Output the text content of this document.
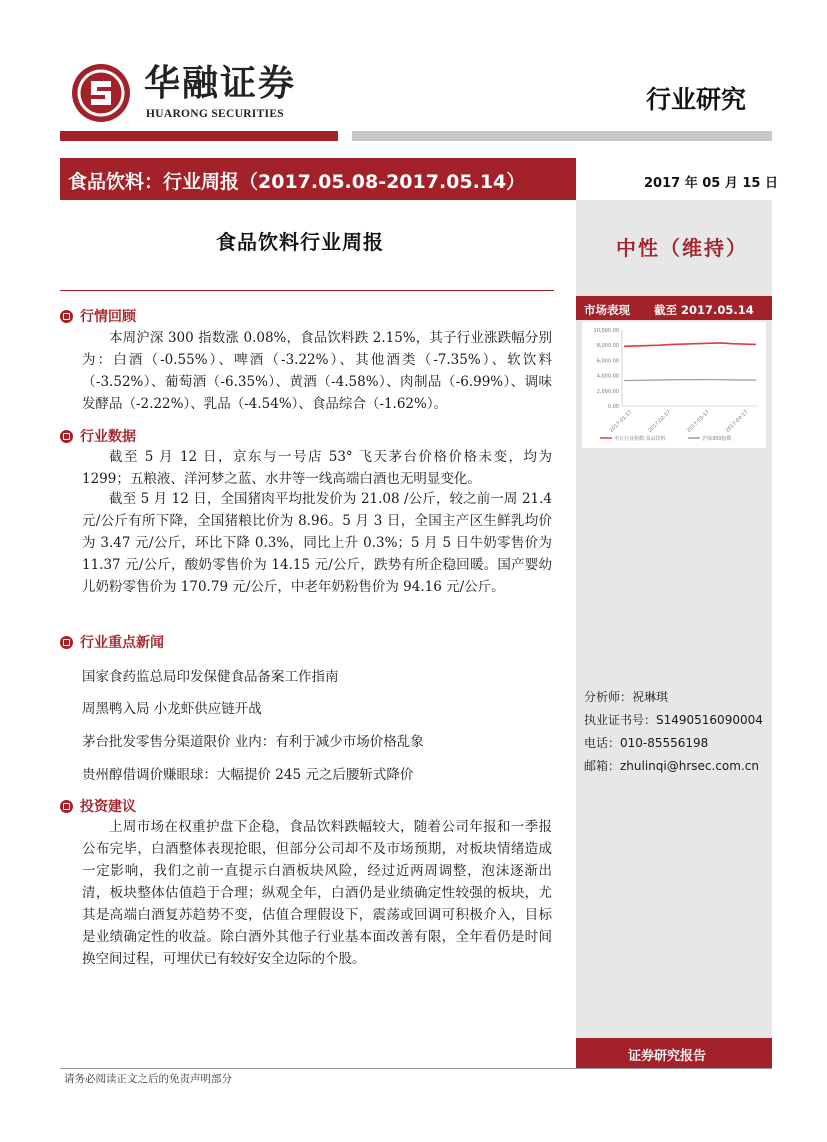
华融证券
HUARONG SECURITIES	行业研究
食品饮料：行业周报（2017.05.08-2017.05.14）	2017 年 05 月 15 日
中性（维持）
市场表现 截至 2017.05.14
10,000.00
8,000.00
6,000.00
4,000.00
2,000.00
0.00
2017-01-17	2017-02-17	2017-03-17	2017-04-17
申万行业指数:食品饮料	沪深300指数
分析师：祝琳琪
执业证书号：S1490516090004
电话：010-85556198
邮箱：zhulinqi@hrsec.com.cn
食品饮料行业周报
行情回顾

本周沪深 300 指数涨 0.08%，食品饮料跌 2.15%，其子行业涨跌幅分别为：白酒（-0.55%）、啤酒（-3.22%）、其他酒类（-7.35%）、软饮料（-3.52%）、葡萄酒（-6.35%）、黄酒（-4.58%）、肉制品（-6.99%）、调味发酵品（-2.22%）、乳品（-4.54%）、食品综合（-1.62%）。

行业数据

截至 5 月 12 日，京东与一号店 53° 飞天茅台价格价格未变，均为 1299；五粮液、洋河梦之蓝、水井等一线高端白酒也无明显变化。

截至 5 月 12 日，全国猪肉平均批发价为 21.08 /公斤，较之前一周 21.4 元/公斤有所下降，全国猪粮比价为 8.96。5 月 3 日，全国主产区生鲜乳均价为 3.47 元/公斤，环比下降 0.3%，同比上升 0.3%；5 月 5 日牛奶零售价为 11.37 元/公斤，酸奶零售价为 14.15 元/公斤，跌势有所企稳回暖。国产婴幼儿奶粉零售价为 170.79 元/公斤，中老年奶粉售价为 94.16 元/公斤。

行业重点新闻
国家食药监总局印发保健食品备案工作指南
周黑鸭入局 小龙虾供应链开战
茅台批发零售分渠道限价 业内：有利于减少市场价格乱象
贵州醇借调价赚眼球：大幅提价 245 元之后腰斩式降价
投资建议

上周市场在权重护盘下企稳，食品饮料跌幅较大，随着公司年报和一季报公布完毕，白酒整体表现抢眼，但部分公司却不及市场预期，对板块情绪造成一定影响，我们之前一直提示白酒板块风险，经过近两周调整，泡沫逐渐出清，板块整体估值趋于合理；纵观全年，白酒仍是业绩确定性较强的板块，尤其是高端白酒复苏趋势不变，估值合理假设下，震荡或回调可积极介入，目标是业绩确定性的收益。除白酒外其他子行业基本面改善有限，全年看仍是时间换空间过程，可埋伏已有较好安全边际的个股。

证券研究报告
请务必阅读正文之后的免责声明部分
